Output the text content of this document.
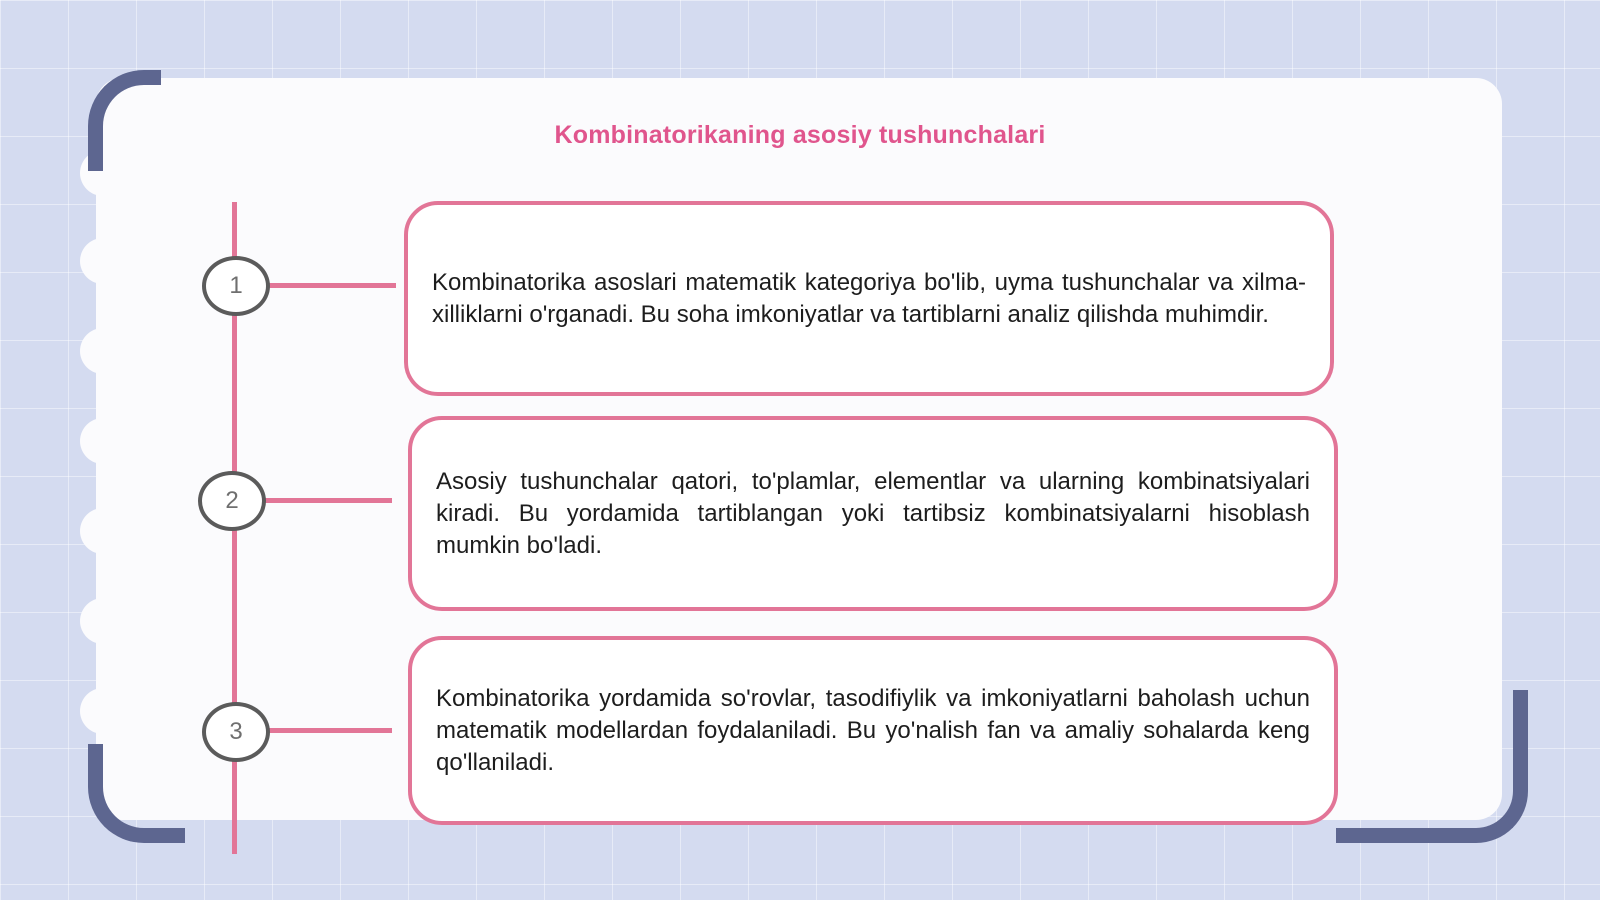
Kombinatorikaning asosiy tushunchalari
1	Kombinatorika asoslari matematik kategoriya bo'lib, uyma tushunchalar va xilma-xilliklarni o'rganadi. Bu soha imkoniyatlar va tartiblarni analiz qilishda muhimdir.
2
Asosiy tushunchalar qatori, to'plamlar, elementlar va ularning kombinatsiyalari kiradi. Bu yordamida tartiblangan yoki tartibsiz kombinatsiyalarni hisoblash mumkin bo'ladi.
3
Kombinatorika yordamida so'rovlar, tasodifiylik va imkoniyatlarni baholash uchun matematik modellardan foydalaniladi. Bu yo'nalish fan va amaliy sohalarda keng qo'llaniladi.
